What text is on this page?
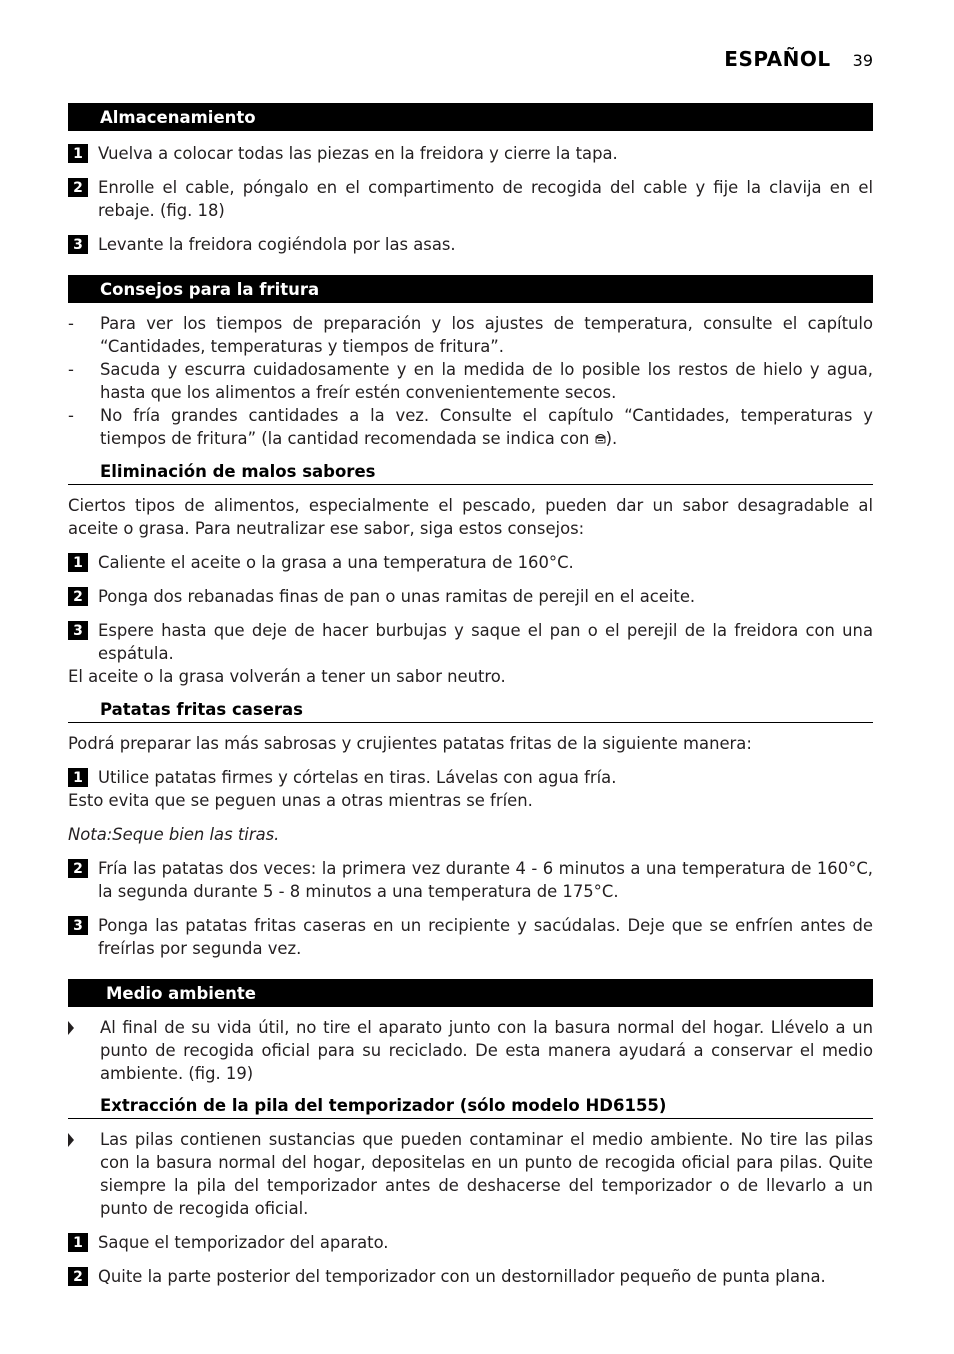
ESPAÑOL 39
Almacenamiento
1 Vuelva a colocar todas las piezas en la freidora y cierre la tapa.
2 Enrolle el cable, póngalo en el compartimento de recogida del cable y fije la clavija en el rebaje. (fig. 18)
3 Levante la freidora cogiéndola por las asas.
Consejos para la fritura
-	Para ver los tiempos de preparación y los ajustes de temperatura, consulte el capítulo “Cantidades, temperaturas y tiempos de fritura”.
-	Sacuda y escurra cuidadosamente y en la medida de lo posible los restos de hielo y agua, hasta que los alimentos a freír estén convenientemente secos.
-	No fría grandes cantidades a la vez. Consulte el capítulo “Cantidades, temperaturas y tiempos de fritura” (la cantidad recomendada se indica con ).
Eliminación de malos sabores
Ciertos tipos de alimentos, especialmente el pescado, pueden dar un sabor desagradable al aceite o grasa. Para neutralizar ese sabor, siga estos consejos:
1 Caliente el aceite o la grasa a una temperatura de 160°C.
2 Ponga dos rebanadas finas de pan o unas ramitas de perejil en el aceite.
3 Espere hasta que deje de hacer burbujas y saque el pan o el perejil de la freidora con una espátula.
El aceite o la grasa volverán a tener un sabor neutro.
Patatas fritas caseras
Podrá preparar las más sabrosas y crujientes patatas fritas de la siguiente manera:
1 Utilice patatas firmes y córtelas en tiras. Lávelas con agua fría.
Esto evita que se peguen unas a otras mientras se fríen.
Nota:Seque bien las tiras.
2 Fría las patatas dos veces: la primera vez durante 4 - 6 minutos a una temperatura de 160°C, la segunda durante 5 - 8 minutos a una temperatura de 175°C.
3 Ponga las patatas fritas caseras en un recipiente y sacúdalas. Deje que se enfríen antes de freírlas por segunda vez.
Medio ambiente
Al final de su vida útil, no tire el aparato junto con la basura normal del hogar. Llévelo a un punto de recogida oficial para su reciclado. De esta manera ayudará a conservar el medio ambiente. (fig. 19)
Extracción de la pila del temporizador (sólo modelo HD6155)
Las pilas contienen sustancias que pueden contaminar el medio ambiente. No tire las pilas con la basura normal del hogar, depositelas en un punto de recogida oficial para pilas. Quite siempre la pila del temporizador antes de deshacerse del temporizador o de llevarlo a un punto de recogida oficial.
1 Saque el temporizador del aparato.
2 Quite la parte posterior del temporizador con un destornillador pequeño de punta plana.
